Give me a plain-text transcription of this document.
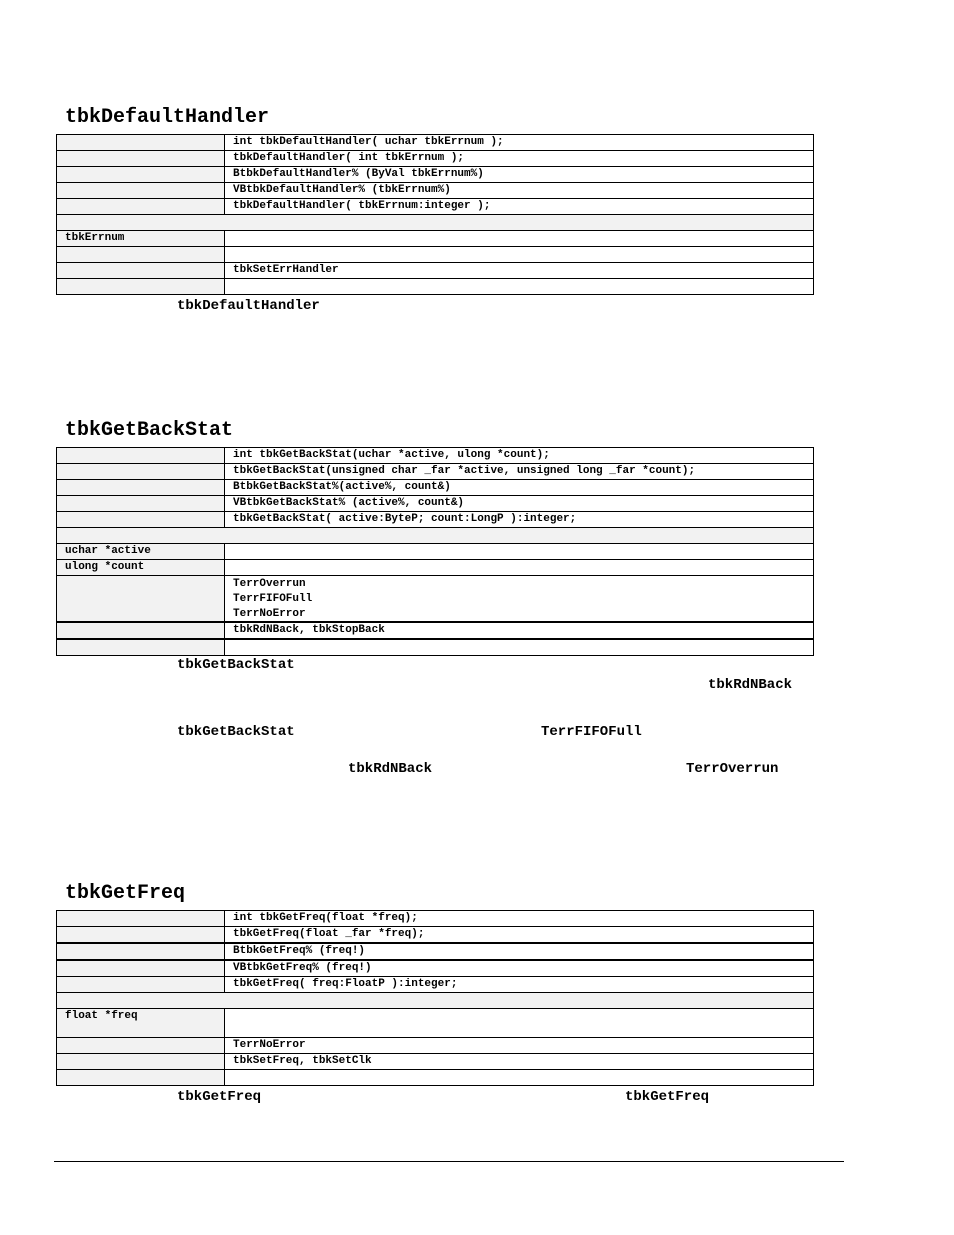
tbkDefaultHandler
	int tbkDefaultHandler( uchar tbkErrnum );
	tbkDefaultHandler( int tbkErrnum );
	BtbkDefaultHandler% (ByVal tbkErrnum%)
	VBtbkDefaultHandler% (tbkErrnum%)
	tbkDefaultHandler( tbkErrnum:integer );

tbkErrnum	

	tbkSetErrHandler

tbkDefaultHandler
tbkGetBackStat
	int tbkGetBackStat(uchar *active, ulong *count);
	tbkGetBackStat(unsigned char _far *active, unsigned long _far *count);
	BtbkGetBackStat%(active%, count&)
	VBtbkGetBackStat% (active%, count&)
	tbkGetBackStat( active:ByteP; count:LongP ):integer;

uchar *active	
ulong *count	

	TerrOverrun
TerrFIFOFull
TerrNoError

	tbkRdNBack, tbkStopBack

tbkGetBackStat
tbkRdNBack
tbkGetBackStat	TerrFIFOFull
tbkRdNBack	TerrOverrun
tbkGetFreq
	int tbkGetFreq(float *freq);
	tbkGetFreq(float _far *freq);
	BtbkGetFreq% (freq!)
	VBtbkGetFreq% (freq!)
	tbkGetFreq( freq:FloatP ):integer;

float *freq	
	TerrNoError
	tbkSetFreq, tbkSetClk

tbkGetFreq	tbkGetFreq
